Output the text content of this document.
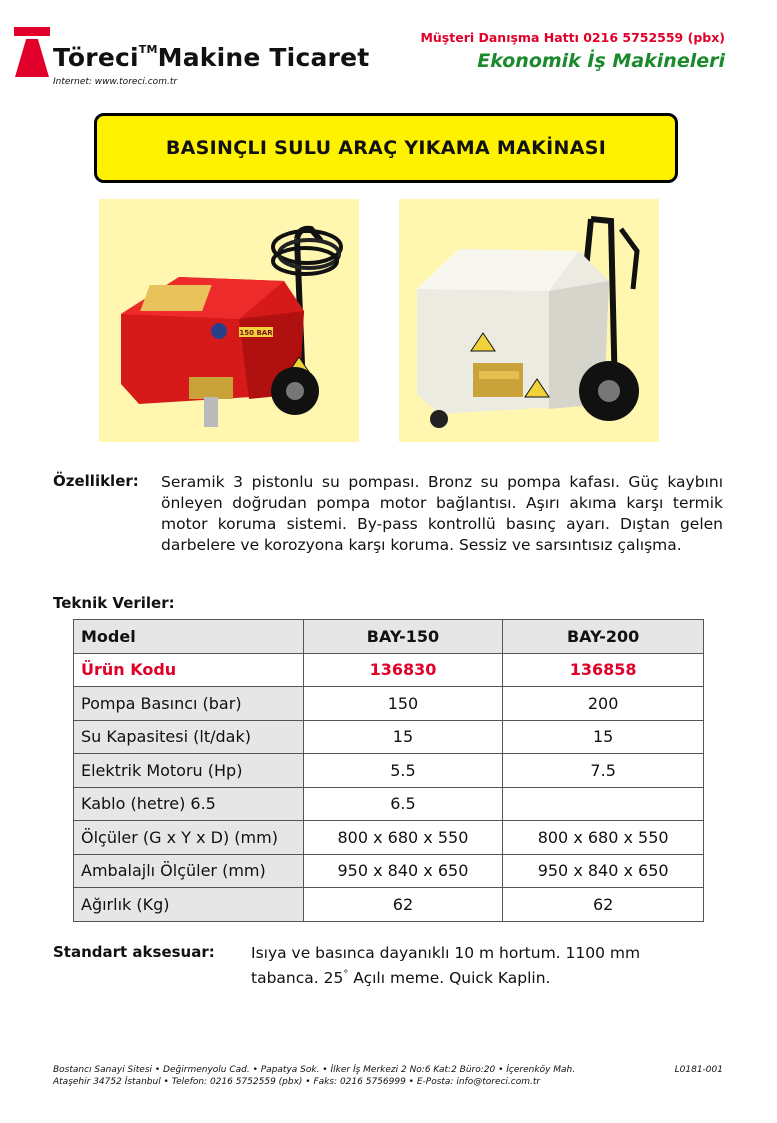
Töreci™Makine Ticaret
Internet: www.toreci.com.tr
Müşteri Danışma Hattı 0216 5752559 (pbx)
Ekonomik İş Makineleri
BASINÇLI SULU ARAÇ YIKAMA MAKİNASI
150 BAR
Özellikler: Seramik 3 pistonlu su pompası. Bronz su pompa kafası. Güç kaybını önleyen doğrudan pompa motor bağlantısı. Aşırı akıma karşı termik motor koruma sistemi. By-pass kontrollü basınç ayarı. Dıştan gelen darbelere ve korozyona karşı koruma. Sessiz ve sarsıntısız çalışma.
Teknik Veriler:
Model	BAY-150	BAY-200
Ürün Kodu	136830	136858
Pompa Basıncı (bar)	150	200
Su Kapasitesi (lt/dak)	15	15
Elektrik Motoru (Hp)	5.5	7.5
Kablo (hetre) 6.5	6.5	
Ölçüler (G x Y x D) (mm)	800 x 680 x 550	800 x 680 x 550
Ambalajlı Ölçüler (mm)	950 x 840 x 650	950 x 840 x 650
Ağırlık (Kg)	62	62
Standart aksesuar: Isıya ve basınca dayanıklı 10 m hortum. 1100 mm tabanca. 25° Açılı meme. Quick Kaplin.
Bostancı Sanayi Sitesi • Değirmenyolu Cad. • Papatya Sok. • İlker İş Merkezi 2 No:6 Kat:2 Büro:20 • İçerenköy Mah.
Ataşehir 34752 İstanbul • Telefon: 0216 5752559 (pbx) • Faks: 0216 5756999 • E-Posta: info@toreci.com.tr
L0181-001
